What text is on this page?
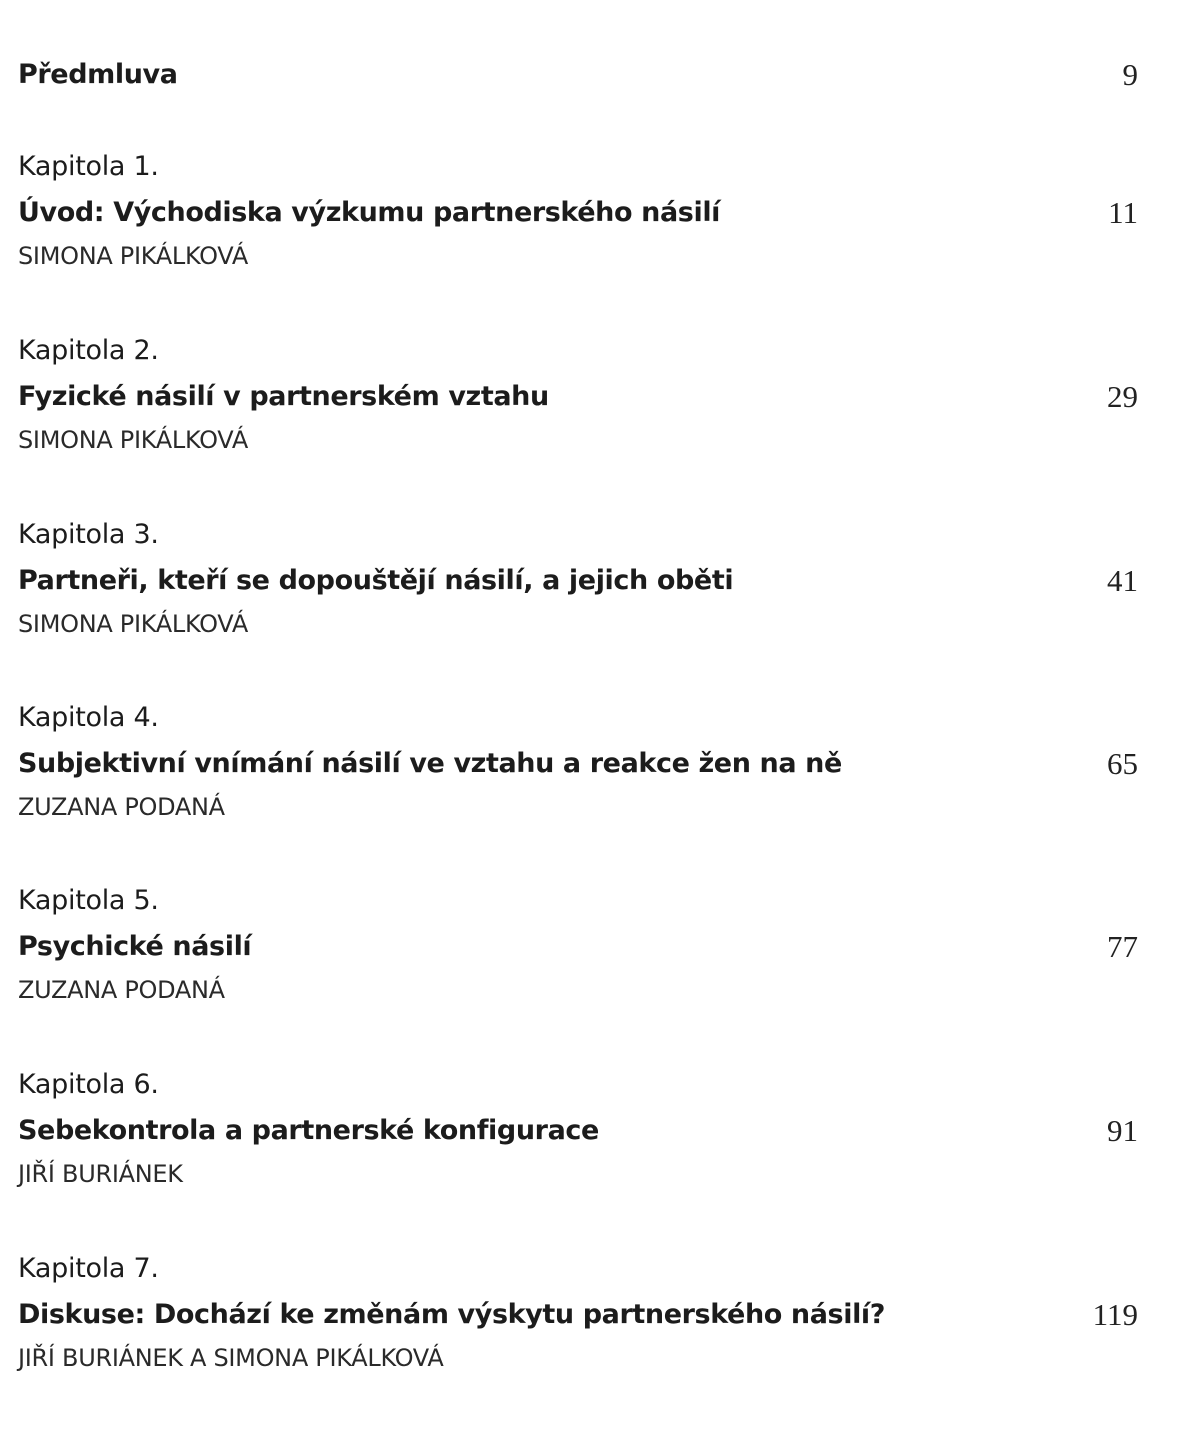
Předmluva	9
Kapitola 1.
Úvod: Východiska výzkumu partnerského násilí	11
SIMONA PIKÁLKOVÁ
Kapitola 2.
Fyzické násilí v partnerském vztahu	29
SIMONA PIKÁLKOVÁ
Kapitola 3.
Partneři, kteří se dopouštějí násilí, a jejich oběti	41
SIMONA PIKÁLKOVÁ
Kapitola 4.
Subjektivní vnímání násilí ve vztahu a reakce žen na ně	65
ZUZANA PODANÁ
Kapitola 5.
Psychické násilí	77
ZUZANA PODANÁ
Kapitola 6.
Sebekontrola a partnerské konfigurace	91
JIŘÍ BURIÁNEK
Kapitola 7.
Diskuse: Dochází ke změnám výskytu partnerského násilí?	119
JIŘÍ BURIÁNEK A SIMONA PIKÁLKOVÁ
